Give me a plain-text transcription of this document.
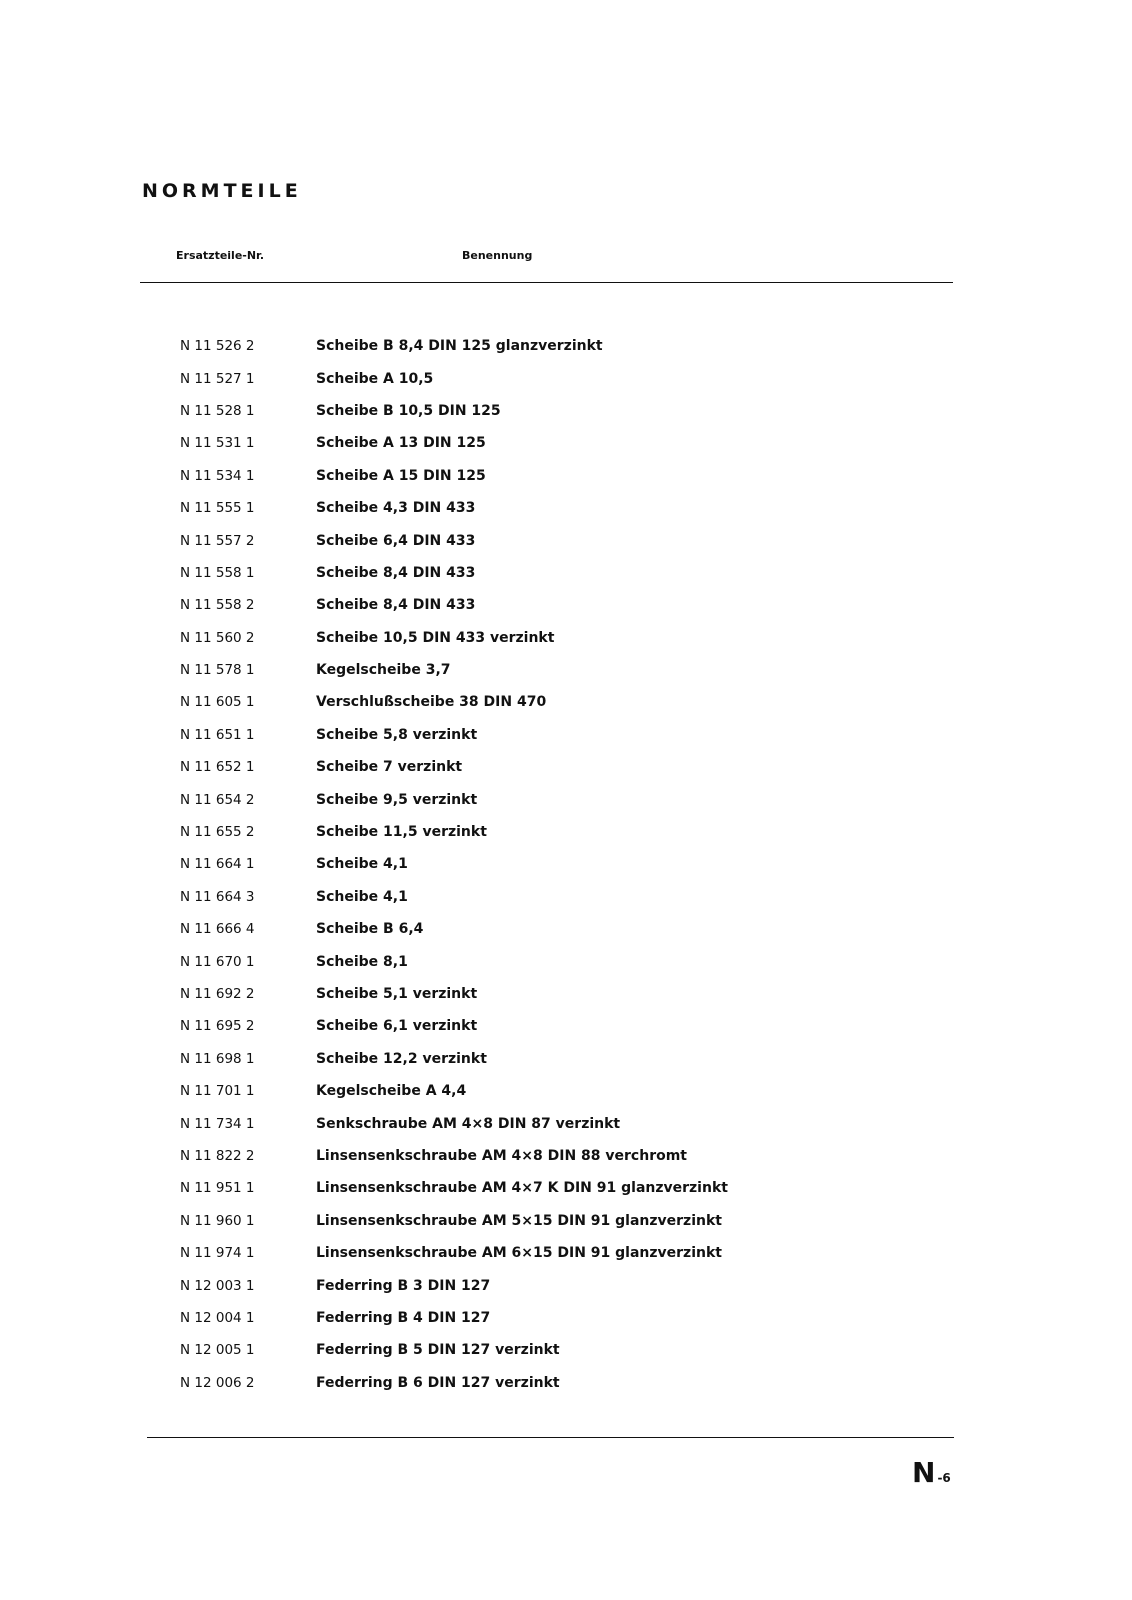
NORMTEILE
Ersatzteile-Nr.	Benennung
N 11 526 2	Scheibe B 8,4 DIN 125 glanzverzinkt
N 11 527 1	Scheibe A 10,5
N 11 528 1	Scheibe B 10,5 DIN 125
N 11 531 1	Scheibe A 13 DIN 125
N 11 534 1	Scheibe A 15 DIN 125
N 11 555 1	Scheibe 4,3 DIN 433
N 11 557 2	Scheibe 6,4 DIN 433
N 11 558 1	Scheibe 8,4 DIN 433
N 11 558 2	Scheibe 8,4 DIN 433
N 11 560 2	Scheibe 10,5 DIN 433 verzinkt
N 11 578 1	Kegelscheibe 3,7
N 11 605 1	Verschlußscheibe 38 DIN 470
N 11 651 1	Scheibe 5,8 verzinkt
N 11 652 1	Scheibe 7 verzinkt
N 11 654 2	Scheibe 9,5 verzinkt
N 11 655 2	Scheibe 11,5 verzinkt
N 11 664 1	Scheibe 4,1
N 11 664 3	Scheibe 4,1
N 11 666 4	Scheibe B 6,4
N 11 670 1	Scheibe 8,1
N 11 692 2	Scheibe 5,1 verzinkt
N 11 695 2	Scheibe 6,1 verzinkt
N 11 698 1	Scheibe 12,2 verzinkt
N 11 701 1	Kegelscheibe A 4,4
N 11 734 1	Senkschraube AM 4×8 DIN 87 verzinkt
N 11 822 2	Linsensenkschraube AM 4×8 DIN 88 verchromt
N 11 951 1	Linsensenkschraube AM 4×7 K DIN 91 glanzverzinkt
N 11 960 1	Linsensenkschraube AM 5×15 DIN 91 glanzverzinkt
N 11 974 1	Linsensenkschraube AM 6×15 DIN 91 glanzverzinkt
N 12 003 1	Federring B 3 DIN 127
N 12 004 1	Federring B 4 DIN 127
N 12 005 1	Federring B 5 DIN 127 verzinkt
N 12 006 2	Federring B 6 DIN 127 verzinkt
N -6
